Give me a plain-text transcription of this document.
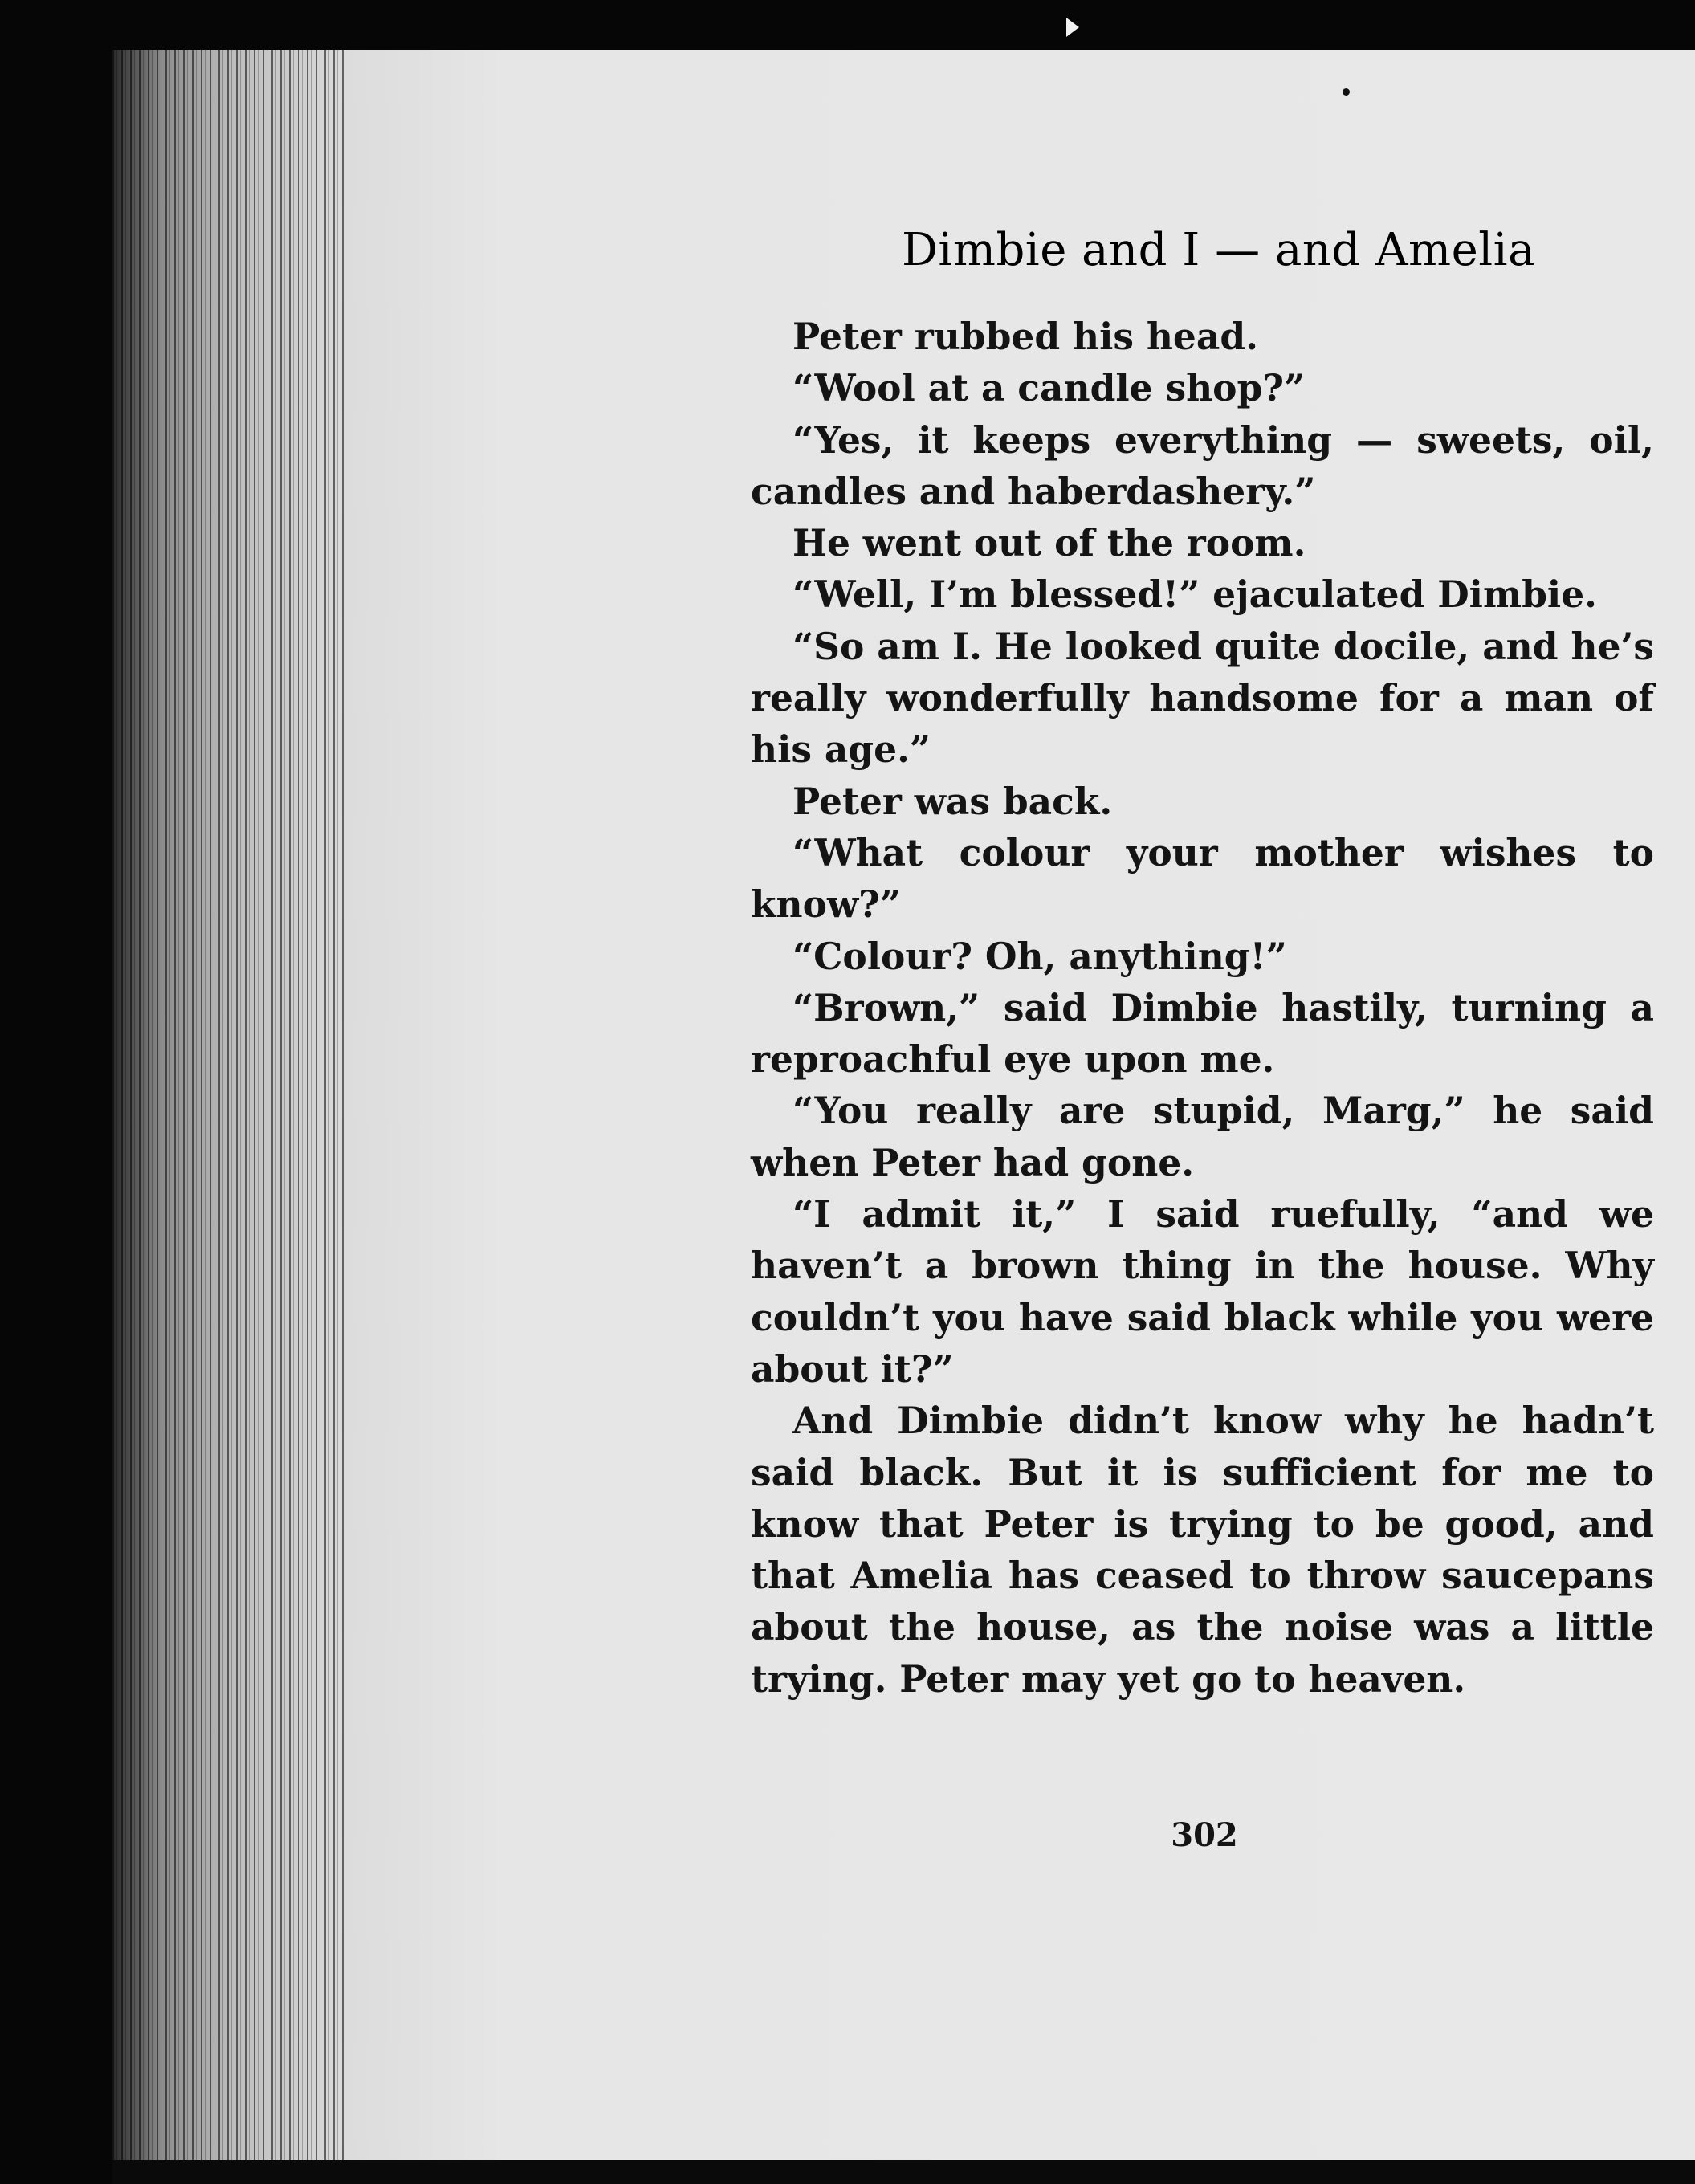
Dimbie and I — and Amelia

Peter rubbed his head.

“Wool at a candle shop?”

“Yes, it keeps everything — sweets, oil, candles and haberdashery.”

He went out of the room.

“Well, I’m blessed!” ejaculated Dimbie.

“So am I. He looked quite docile, and he’s really wonderfully handsome for a man of his age.”

Peter was back.

“What colour your mother wishes to know?”

“Colour? Oh, anything!”

“Brown,” said Dimbie hastily, turning a reproachful eye upon me.

“You really are stupid, Marg,” he said when Peter had gone.

“I admit it,” I said ruefully, “and we haven’t a brown thing in the house. Why couldn’t you have said black while you were about it?”

And Dimbie didn’t know why he hadn’t said black. But it is sufficient for me to know that Peter is trying to be good, and that Amelia has ceased to throw saucepans about the house, as the noise was a little trying. Peter may yet go to heaven.

302
